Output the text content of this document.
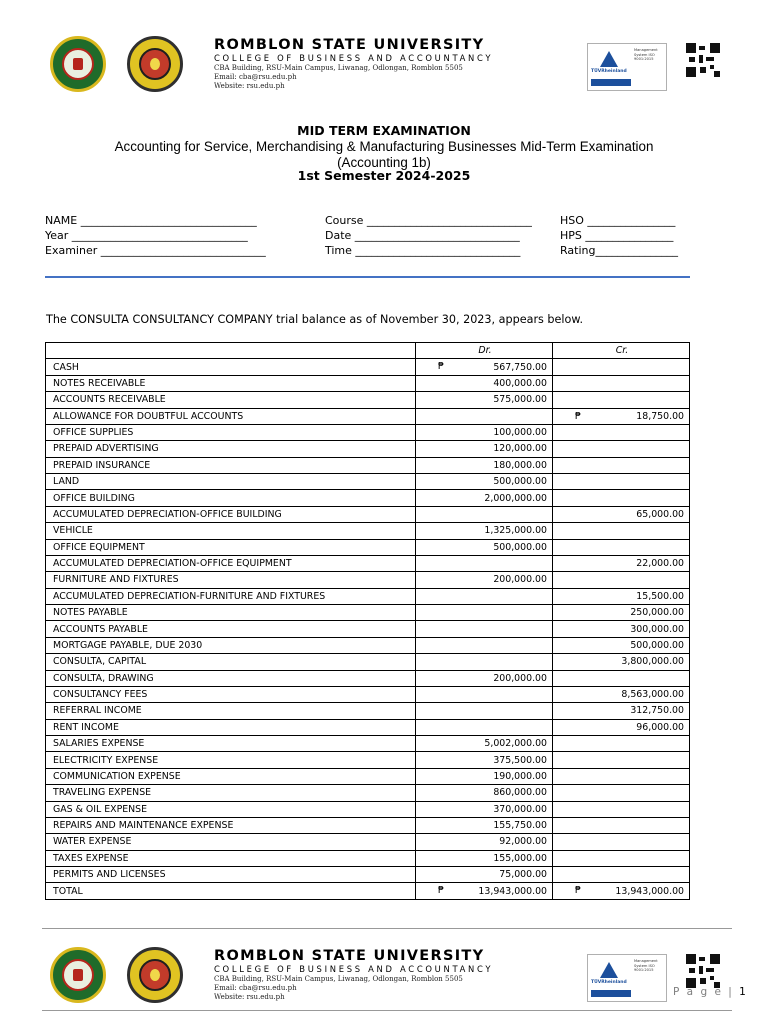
ROMBLON STATE UNIVERSITY
COLLEGE OF BUSINESS AND ACCOUNTANCY
CBA Building, RSU-Main Campus, Liwanag, Odlongan, Romblon 5505
Email: cba@rsu.edu.ph
Website: rsu.edu.ph
TÜVRheinland
Management System ISO 9001:2015
MID TERM EXAMINATION
Accounting for Service, Merchandising & Manufacturing Businesses Mid-Term Examination
(Accounting 1b)
1st Semester 2024-2025
NAME ________________________________	Course ______________________________	HSO ________________
Year ________________________________	Date ______________________________	HPS ________________
Examiner ______________________________	Time ______________________________	Rating_______________
The CONSULTA CONSULTANCY COMPANY trial balance as of November 30, 2023, appears below.
	Dr.	Cr.
CASH	₱ 567,750.00	
NOTES RECEIVABLE	400,000.00	
ACCOUNTS RECEIVABLE	575,000.00	
ALLOWANCE FOR DOUBTFUL ACCOUNTS		₱ 18,750.00
OFFICE SUPPLIES	100,000.00	
PREPAID ADVERTISING	120,000.00	
PREPAID INSURANCE	180,000.00	
LAND	500,000.00	
OFFICE BUILDING	2,000,000.00	
ACCUMULATED DEPRECIATION-OFFICE BUILDING		65,000.00
VEHICLE	1,325,000.00	
OFFICE EQUIPMENT	500,000.00	
ACCUMULATED DEPRECIATION-OFFICE EQUIPMENT		22,000.00
FURNITURE AND FIXTURES	200,000.00	
ACCUMULATED DEPRECIATION-FURNITURE AND FIXTURES		15,500.00
NOTES PAYABLE		250,000.00
ACCOUNTS PAYABLE		300,000.00
MORTGAGE PAYABLE, DUE 2030		500,000.00
CONSULTA, CAPITAL		3,800,000.00
CONSULTA, DRAWING	200,000.00	
CONSULTANCY FEES		8,563,000.00
REFERRAL INCOME		312,750.00
RENT INCOME		96,000.00
SALARIES EXPENSE	5,002,000.00	
ELECTRICITY EXPENSE	375,500.00	
COMMUNICATION EXPENSE	190,000.00	
TRAVELING EXPENSE	860,000.00	
GAS & OIL EXPENSE	370,000.00	
REPAIRS AND MAINTENANCE EXPENSE	155,750.00	
WATER EXPENSE	92,000.00	
TAXES EXPENSE	155,000.00	
PERMITS AND LICENSES	75,000.00	
TOTAL	₱ 13,943,000.00	₱ 13,943,000.00
ROMBLON STATE UNIVERSITY
COLLEGE OF BUSINESS AND ACCOUNTANCY
CBA Building, RSU-Main Campus, Liwanag, Odlongan, Romblon 5505
Email: cba@rsu.edu.ph
Website: rsu.edu.ph
TÜVRheinland
Management System ISO 9001:2015
P a g e | 1
